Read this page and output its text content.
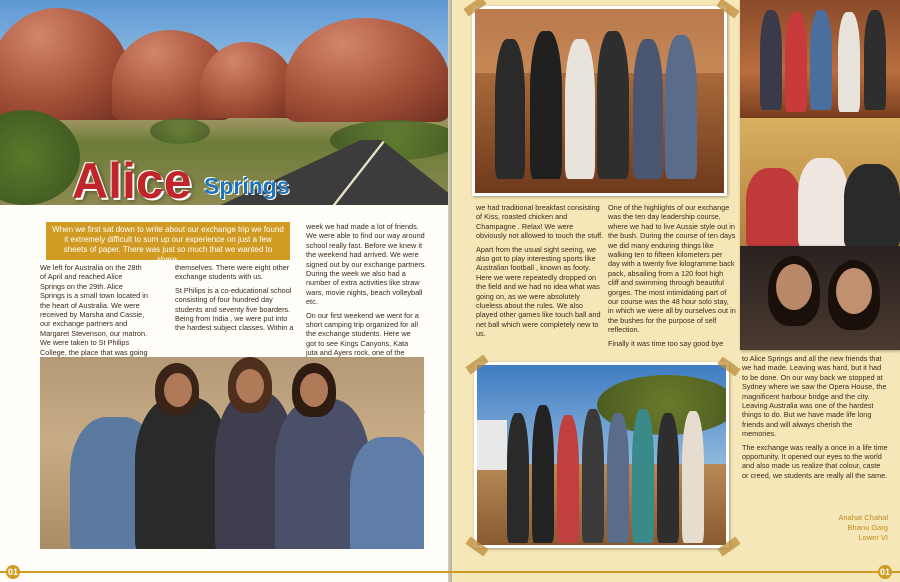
Alice Springs
When we first sat down to write about our exchange trip we found it extremely difficult to sum up our experience on just a few sheets of paper. There was just so much that we wanted to share.

We left for Australia on the 28th of April and reached Alice Springs on the 29th. Alice Springs is a small town located in the heart of Australia. We were received by Marsha and Cassie, our exchange partners and Margaret Stevenson, our matron. We were taken to St Philips College, the place that was going

themselves. There were eight other exchange students with us.

St Philips is a co-educational school consisting of four hundred day students and seventy five boarders. Being from India , we were put into the hardest subject classes. Within a

week we had made a lot of friends. We were able to find our way around school really fast. Before we knew it the weekend had arrived. We were signed out by our exchange partners. During the week we also had a number of extra activities like straw wars, movie nights, beach volleyball etc.

On our first weekend we went for a short camping trip organized for all the exchange students. Here we got to see Kings Canyons, Kata juta and Ayers rock, one of the

we had traditional breakfast consisting of Kiss, roasted chicken and Champagne . Relax! We were obviously not allowed to touch the stuff.

Apart from the usual sight seeing, we also got to play interesting sports like Australian football , known as footy. Here we were repeatedly dropped on the field and we had no idea what was going on, as we were absolutely clueless about the rules. We also played other games like touch ball and net ball which were completely new to us.

One of the highlights of our exchange was the ten day leadership course, where we had to live Aussie style out in the bush. During the course of ten days we did many enduring things like walking ten to fifteen kilometers per day with a twenty five kilogramme back pack, absailing from a 120 foot high cliff and swimming through beautiful gorges. The most intimidating part of our course was the 48 hour solo stay, in which we were all by ourselves out in the bushes for the purpose of self reflection.

Finally it was time too say good bye

to Alice Springs and all the new friends that we had made. Leaving was hard, but it had to be done. On our way back we stopped at Sydney where we saw the Opera House, the magnificent harbour bridge and the city. Leaving Australia was one of the hardest things to do. But we have made life long friends and will always cherish the memories.

The exchange was really a once in a life time opportunity. It opened our eyes to the world and also made us realize that colour, caste or creed, we students are really all the same.

Anahat Chahal
Bhanu Garg
Lower VI
01	01
